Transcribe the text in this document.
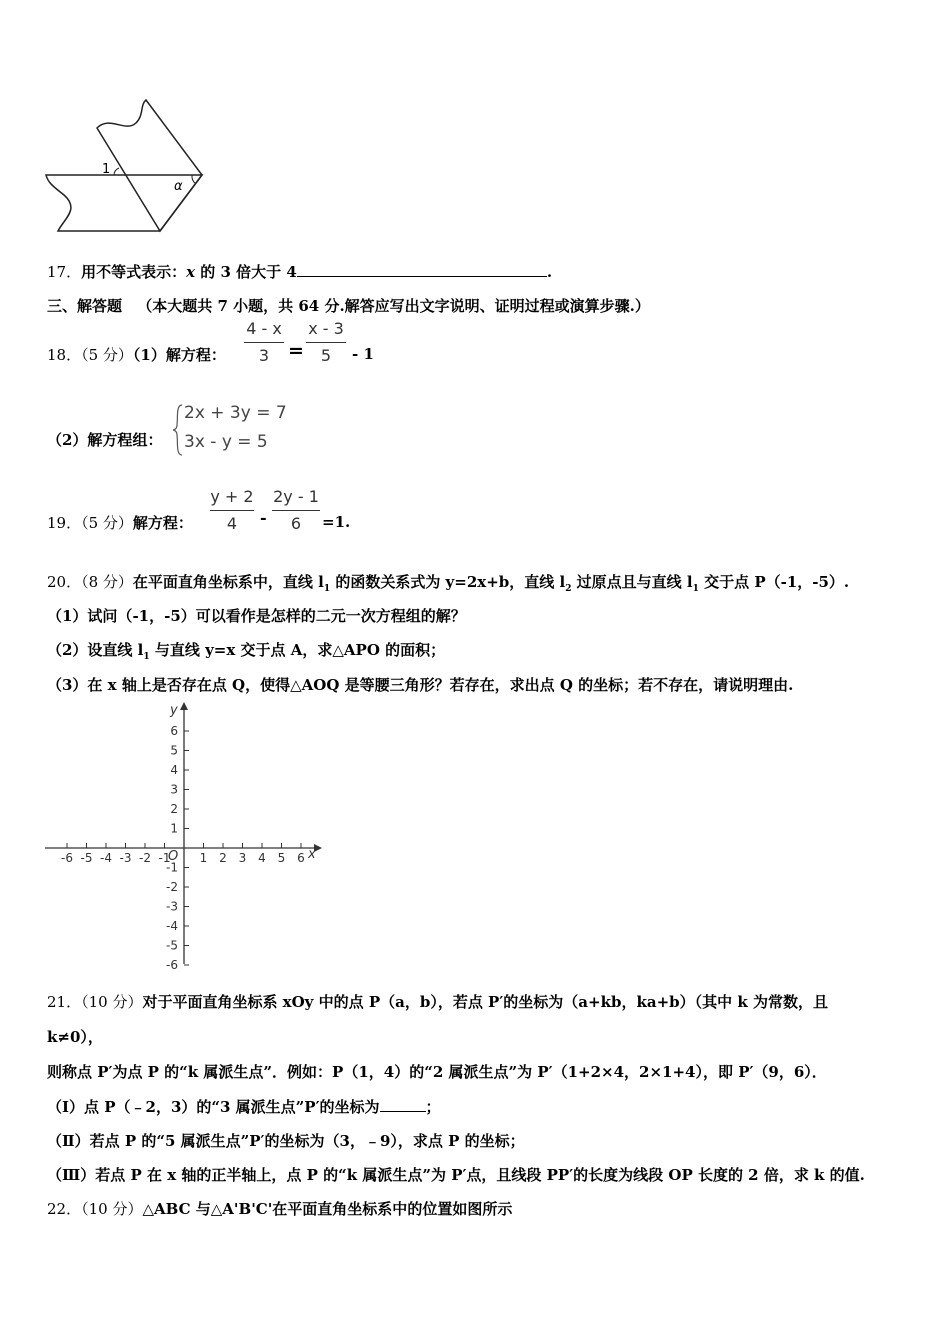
1
α
17．用不等式表示：x 的 3 倍大于 4	.
三、解答题 （本大题共 7 小题，共 64 分.解答应写出文字说明、证明过程或演算步骤.）
18．（5 分）（1）解方程：
4 - x
3 =
x - 3
5	- 1
（2）解方程组：
2x + 3y = 7
3x - y = 5
19．（5 分）解方程：
y + 2
4	-
2y - 1
6	=1.
20．（8 分）在平面直角坐标系中，直线 $l_1$ 的函数关系式为 y=2x+b，直线 $l_2$ 过原点且与直线 $l_1$ 交于点 P（-1，-5）.
（1）试问（-1，-5）可以看作是怎样的二元一次方程组的解？
（2）设直线 $l_1$ 与直线 y=x 交于点 A，求△APO 的面积；
（3）在 x 轴上是否存在点 Q，使得△AOQ 是等腰三角形？若存在，求出点 Q 的坐标；若不存在，请说明理由.
x
y
O
-6 -5 -4 -3 -2 -1 1 2 3 4 5 6
6
5
4
3
2
1
-1
-2
-3
-4
-5
-6
21．（10 分）对于平面直角坐标系 xOy 中的点 P（a，b），若点 P′的坐标为（a+kb，ka+b）（其中 k 为常数，且
k≠0），
则称点 P′为点 P 的“k 属派生点”．例如：P（1，4）的“2 属派生点”为 P′（1+2×4，2×1+4），即 P′（9，6）．
（Ⅰ）点 P（﹣2，3）的“3 属派生点”P′的坐标为	；
（Ⅱ）若点 P 的“5 属派生点”P′的坐标为（3，﹣9），求点 P 的坐标；
（Ⅲ）若点 P 在 x 轴的正半轴上，点 P 的“k 属派生点”为 P′点，且线段 PP′的长度为线段 OP 长度的 2 倍，求 k 的值.
22．（10 分）△ABC 与△A'B'C'在平面直角坐标系中的位置如图所示
